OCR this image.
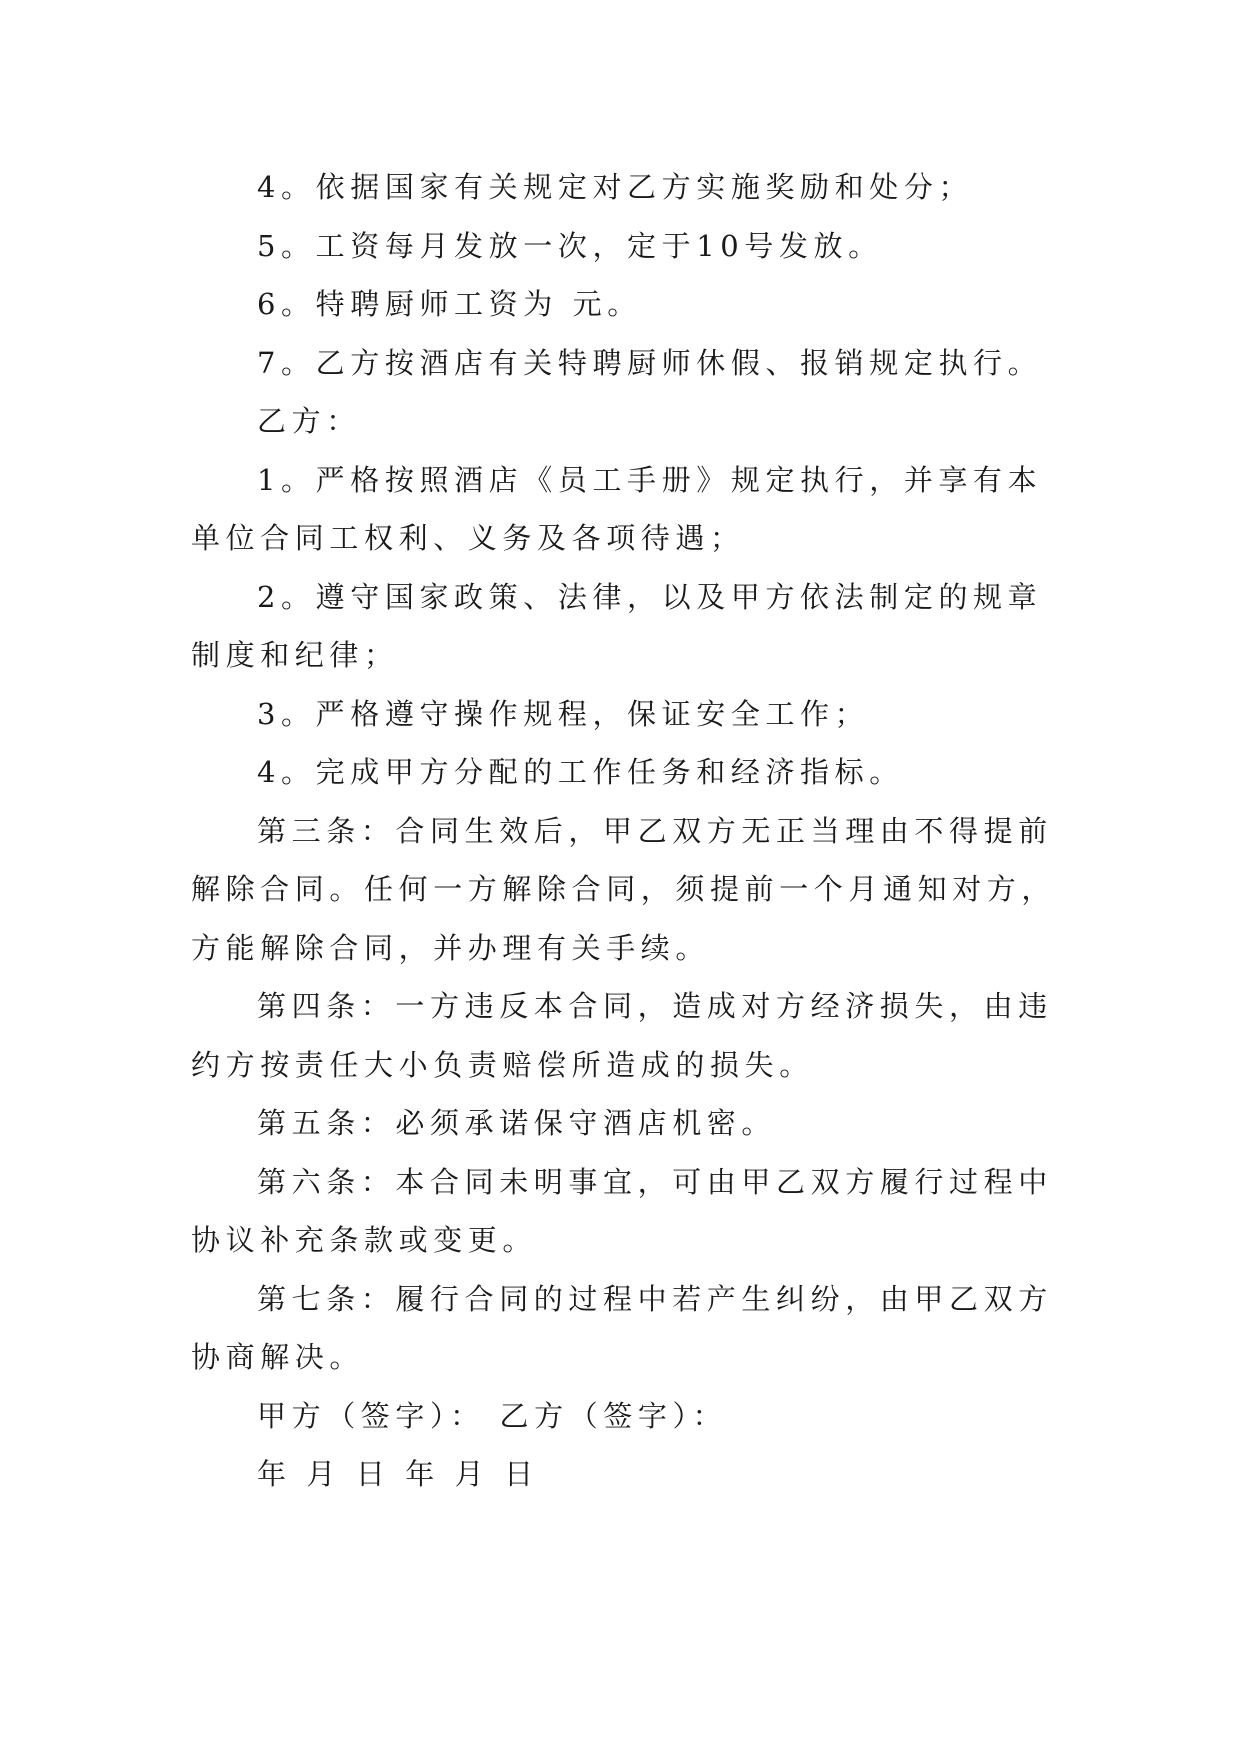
4。依据国家有关规定对乙方实施奖励和处分；

5。工资每月发放一次，定于10号发放。

6。特聘厨师工资为 元。

7。乙方按酒店有关特聘厨师休假、报销规定执行。

乙方：

1。严格按照酒店《员工手册》规定执行，并享有本单位合同工权利、义务及各项待遇；

2。遵守国家政策、法律，以及甲方依法制定的规章制度和纪律；

3。严格遵守操作规程，保证安全工作；

4。完成甲方分配的工作任务和经济指标。

第三条：合同生效后，甲乙双方无正当理由不得提前解除合同。任何一方解除合同，须提前一个月通知对方，方能解除合同，并办理有关手续。

第四条：一方违反本合同，造成对方经济损失，由违约方按责任大小负责赔偿所造成的损失。

第五条：必须承诺保守酒店机密。

第六条：本合同未明事宜，可由甲乙双方履行过程中协议补充条款或变更。

第七条：履行合同的过程中若产生纠纷，由甲乙双方协商解决。

甲方（签字）： 乙方（签字）：

年 月 日 年 月 日
